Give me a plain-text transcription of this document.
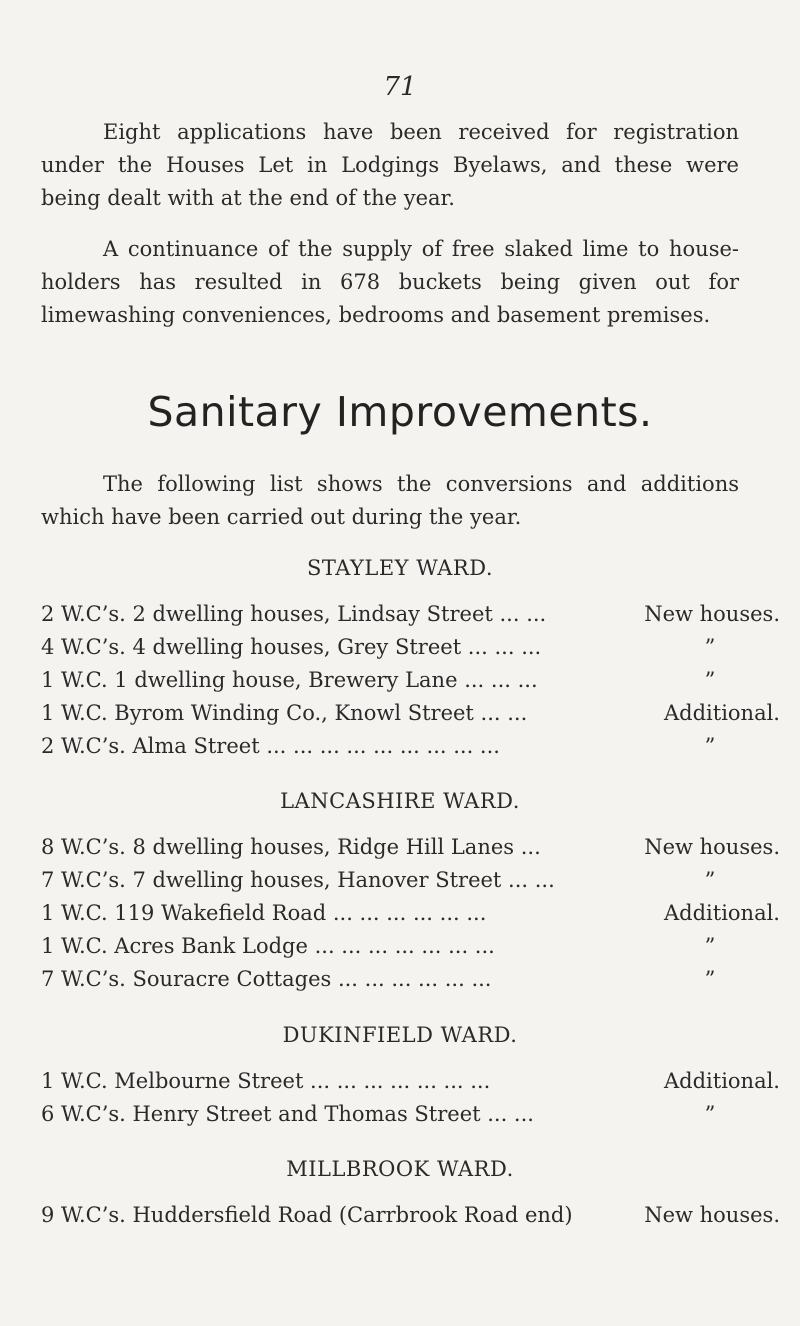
71

Eight applications have been received for registration under the Houses Let in Lodgings Byelaws, and these were being dealt with at the end of the year.

A continuance of the supply of free slaked lime to house-holders has resulted in 678 buckets being given out for limewashing conveniences, bedrooms and basement premises.

Sanitary Improvements.

The following list shows the conversions and additions which have been carried out during the year.

STAYLEY WARD.
2 W.C’s. 2 dwelling houses, Lindsay Street ... ...	New houses.
4 W.C’s. 4 dwelling houses, Grey Street ... ... ...	”
1 W.C. 1 dwelling house, Brewery Lane ... ... ...	”
1 W.C. Byrom Winding Co., Knowl Street ... ...	Additional.
2 W.C’s. Alma Street ... ... ... ... ... ... ... ... ...	”
LANCASHIRE WARD.
8 W.C’s. 8 dwelling houses, Ridge Hill Lanes ...	New houses.
7 W.C’s. 7 dwelling houses, Hanover Street ... ...	”
1 W.C. 119 Wakefield Road ... ... ... ... ... ...	Additional.
1 W.C. Acres Bank Lodge ... ... ... ... ... ... ...	”
7 W.C’s. Souracre Cottages ... ... ... ... ... ...	”
DUKINFIELD WARD.
1 W.C. Melbourne Street ... ... ... ... ... ... ...	Additional.
6 W.C’s. Henry Street and Thomas Street ... ...	”
MILLBROOK WARD.
9 W.C’s. Huddersfield Road (Carrbrook Road end)	New houses.
